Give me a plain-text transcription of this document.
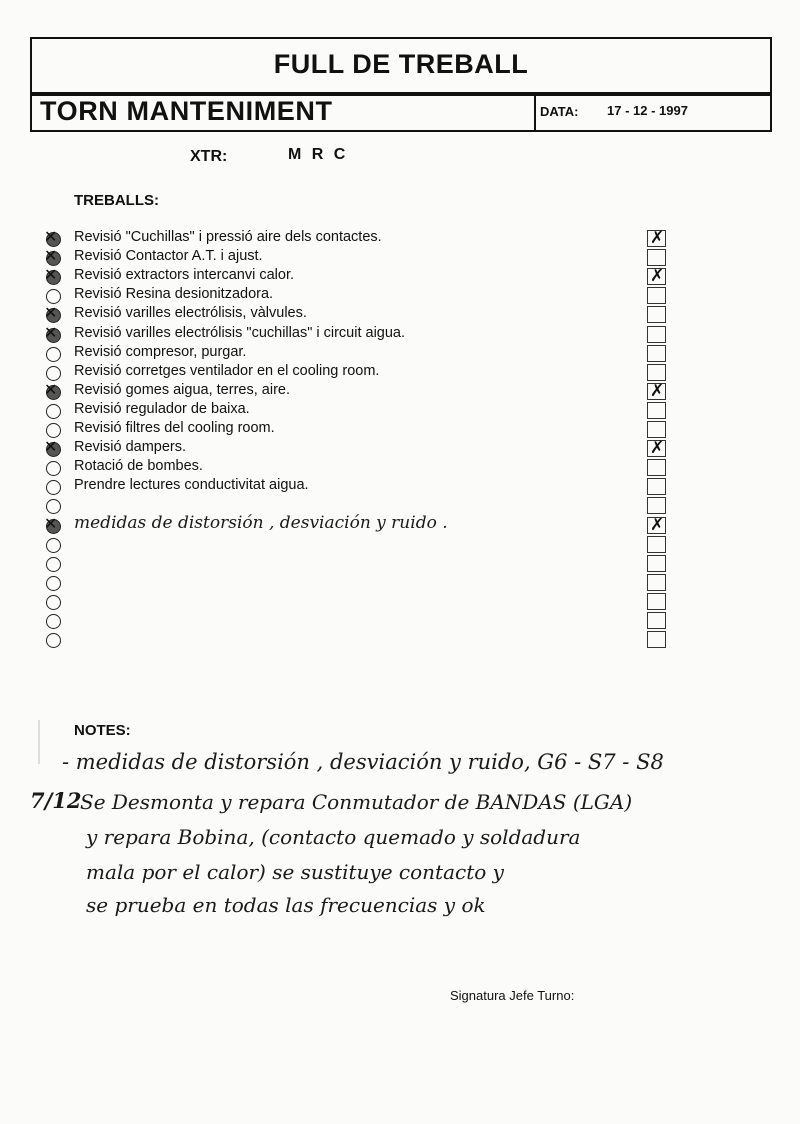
FULL DE TREBALL
TORN MANTENIMENT	DATA: 17 - 12 - 1997
XTR:	M R C
TREBALLS:
✕ Revisió "Cuchillas" i pressió aire dels contactes.	✗
✕ Revisió Contactor A.T. i ajust.
✕ Revisió extractors intercanvi calor.	✗
Revisió Resina desionitzadora.
✕ Revisió varilles electrólisis, vàlvules.
✕ Revisió varilles electrólisis "cuchillas" i circuit aigua.
Revisió compresor, purgar.
Revisió corretges ventilador en el cooling room.
✕ Revisió gomes aigua, terres, aire.	✗
Revisió regulador de baixa.
Revisió filtres del cooling room.
✕ Revisió dampers.	✗
Rotació de bombes.
Prendre lectures conductivitat aigua.
✕ medidas de distorsión , desviación y ruido .	✗
NOTES:
- medidas de distorsión , desviación y ruido, G6 - S7 - S8
7/12
Se Desmonta y repara Conmutador de BANDAS (LGA)
y repara Bobina, (contacto quemado y soldadura
mala por el calor) se sustituye contacto y
se prueba en todas las frecuencias y ok
Signatura Jefe Turno:
